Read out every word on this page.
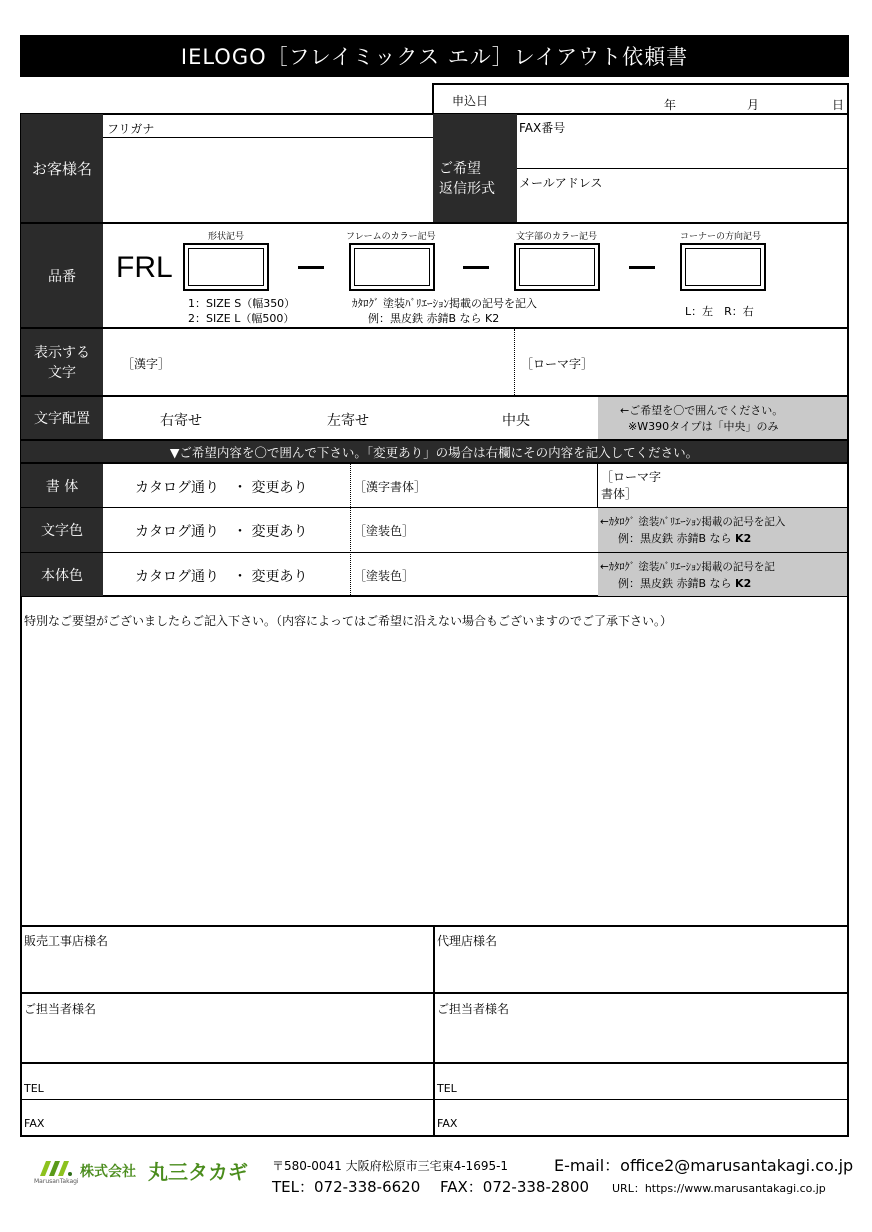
IELOGO［フレイミックス エル］レイアウト依頼書
申込日	年	月	日
お客様名
フリガナ
ご希望
返信形式
FAX番号
メールアドレス
品番 FRL
形状記号	フレームのカラー記号	文字部のカラー記号	コーナーの方向記号
1：SIZE S（幅350）
2：SIZE L（幅500）
ｶﾀﾛｸﾞ 塗装ﾊﾞﾘｴｰｼｮﾝ掲載の記号を記入
例：黒皮鉄 赤錆B なら K2
L：左　R：右
表示する
文字
［漢字］	［ローマ字］
文字配置	右寄せ	左寄せ	中央
←ご希望を〇で囲んでください。
※W390タイプは「中央」のみ
▼ご希望内容を〇で囲んで下さい。「変更あり」の場合は右欄にその内容を記入してください。
書 体	カタログ通り　・ 変更あり	［漢字書体］
［ローマ字
書体］
文字色	カタログ通り　・ 変更あり	［塗装色］
←ｶﾀﾛｸﾞ 塗装ﾊﾞﾘｴｰｼｮﾝ掲載の記号を記入
例：黒皮鉄 赤錆B なら K2
本体色	カタログ通り　・ 変更あり	［塗装色］
←ｶﾀﾛｸﾞ 塗装ﾊﾞﾘｴｰｼｮﾝ掲載の記号を記
例：黒皮鉄 赤錆B なら K2
特別なご要望がございましたらご記入下さい。（内容によってはご希望に沿えない場合もございますのでご了承下さい。）
販売工事店様名	代理店様名
ご担当者様名	ご担当者様名
TEL	TEL
FAX	FAX
MarusanTakagi
株式会社 丸三タカギ 〒580-0041 大阪府松原市三宅東4-1695-1	E-mail：office2@marusantakagi.co.jp
TEL：072-338-6620 FAX：072-338-2800 URL：https://www.marusantakagi.co.jp
